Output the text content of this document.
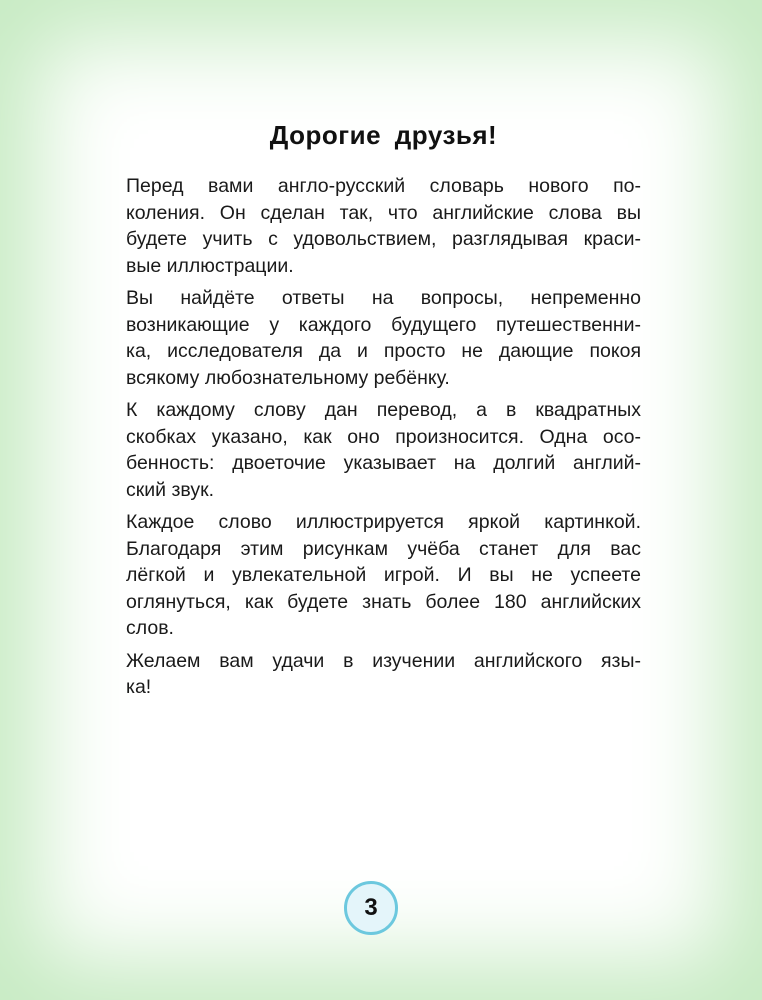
Дорогие друзья!

Перед вами англо-русский словарь нового по-
коления. Он сделан так, что английские слова вы
будете учить с удовольствием, разглядывая краси-
вые иллюстрации.

Вы найдёте ответы на вопросы, непременно
возникающие у каждого будущего путешественни-
ка, исследователя да и просто не дающие покоя
всякому любознательному ребёнку.

К каждому слову дан перевод, а в квадратных
скобках указано, как оно произносится. Одна осо-
бенность: двоеточие указывает на долгий англий-
ский звук.

Каждое слово иллюстрируется яркой картинкой.
Благодаря этим рисункам учёба станет для вас
лёгкой и увлекательной игрой. И вы не успеете
оглянуться, как будете знать более 180 английских
слов.

Желаем вам удачи в изучении английского язы-
ка!

3
